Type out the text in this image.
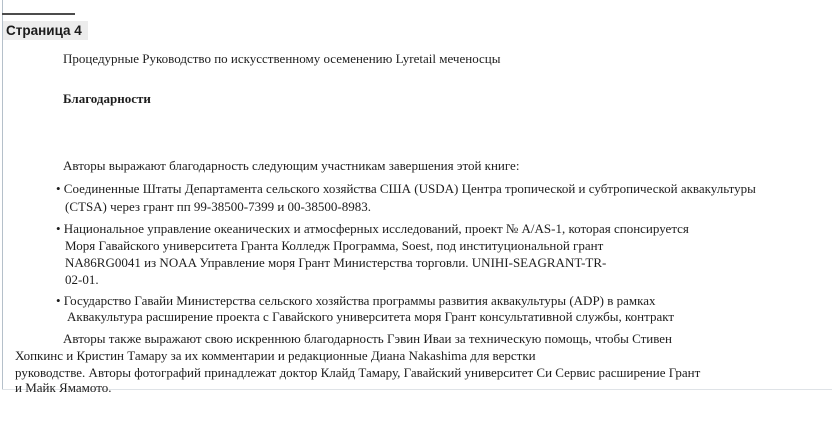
Страница 4
Процедурные Руководство по искусственному осеменению Lyretail меченосцы
Благодарности
Авторы выражают благодарность следующим участникам завершения этой книге:
• Соединенные Штаты Департамента сельского хозяйства США (USDA) Центра тропической и субтропической аквакультуры
(CTSA) через грант пп 99-38500-7399 и 00-38500-8983.
• Национальное управление океанических и атмосферных исследований, проект № A/AS-1, которая спонсируется
Моря Гавайского университета Гранта Колледж Программа, Soest, под институциональной грант
NA86RG0041 из NOAA Управление моря Грант Министерства торговли. UNIHI-SEAGRANT-TR-
02-01.
• Государство Гавайи Министерства сельского хозяйства программы развития аквакультуры (ADP) в рамках
Аквакультура расширение проекта с Гавайского университета моря Грант консультативной службы, контракт
Авторы также выражают свою искреннюю благодарность Гэвин Иваи за техническую помощь, чтобы Стивен
Хопкинс и Кристин Тамару за их комментарии и редакционные Диана Nakashima для верстки
руководстве. Авторы фотографий принадлежат доктор Клайд Тамару, Гавайский университет Си Сервис расширение Грант
и Майк Ямамото.
